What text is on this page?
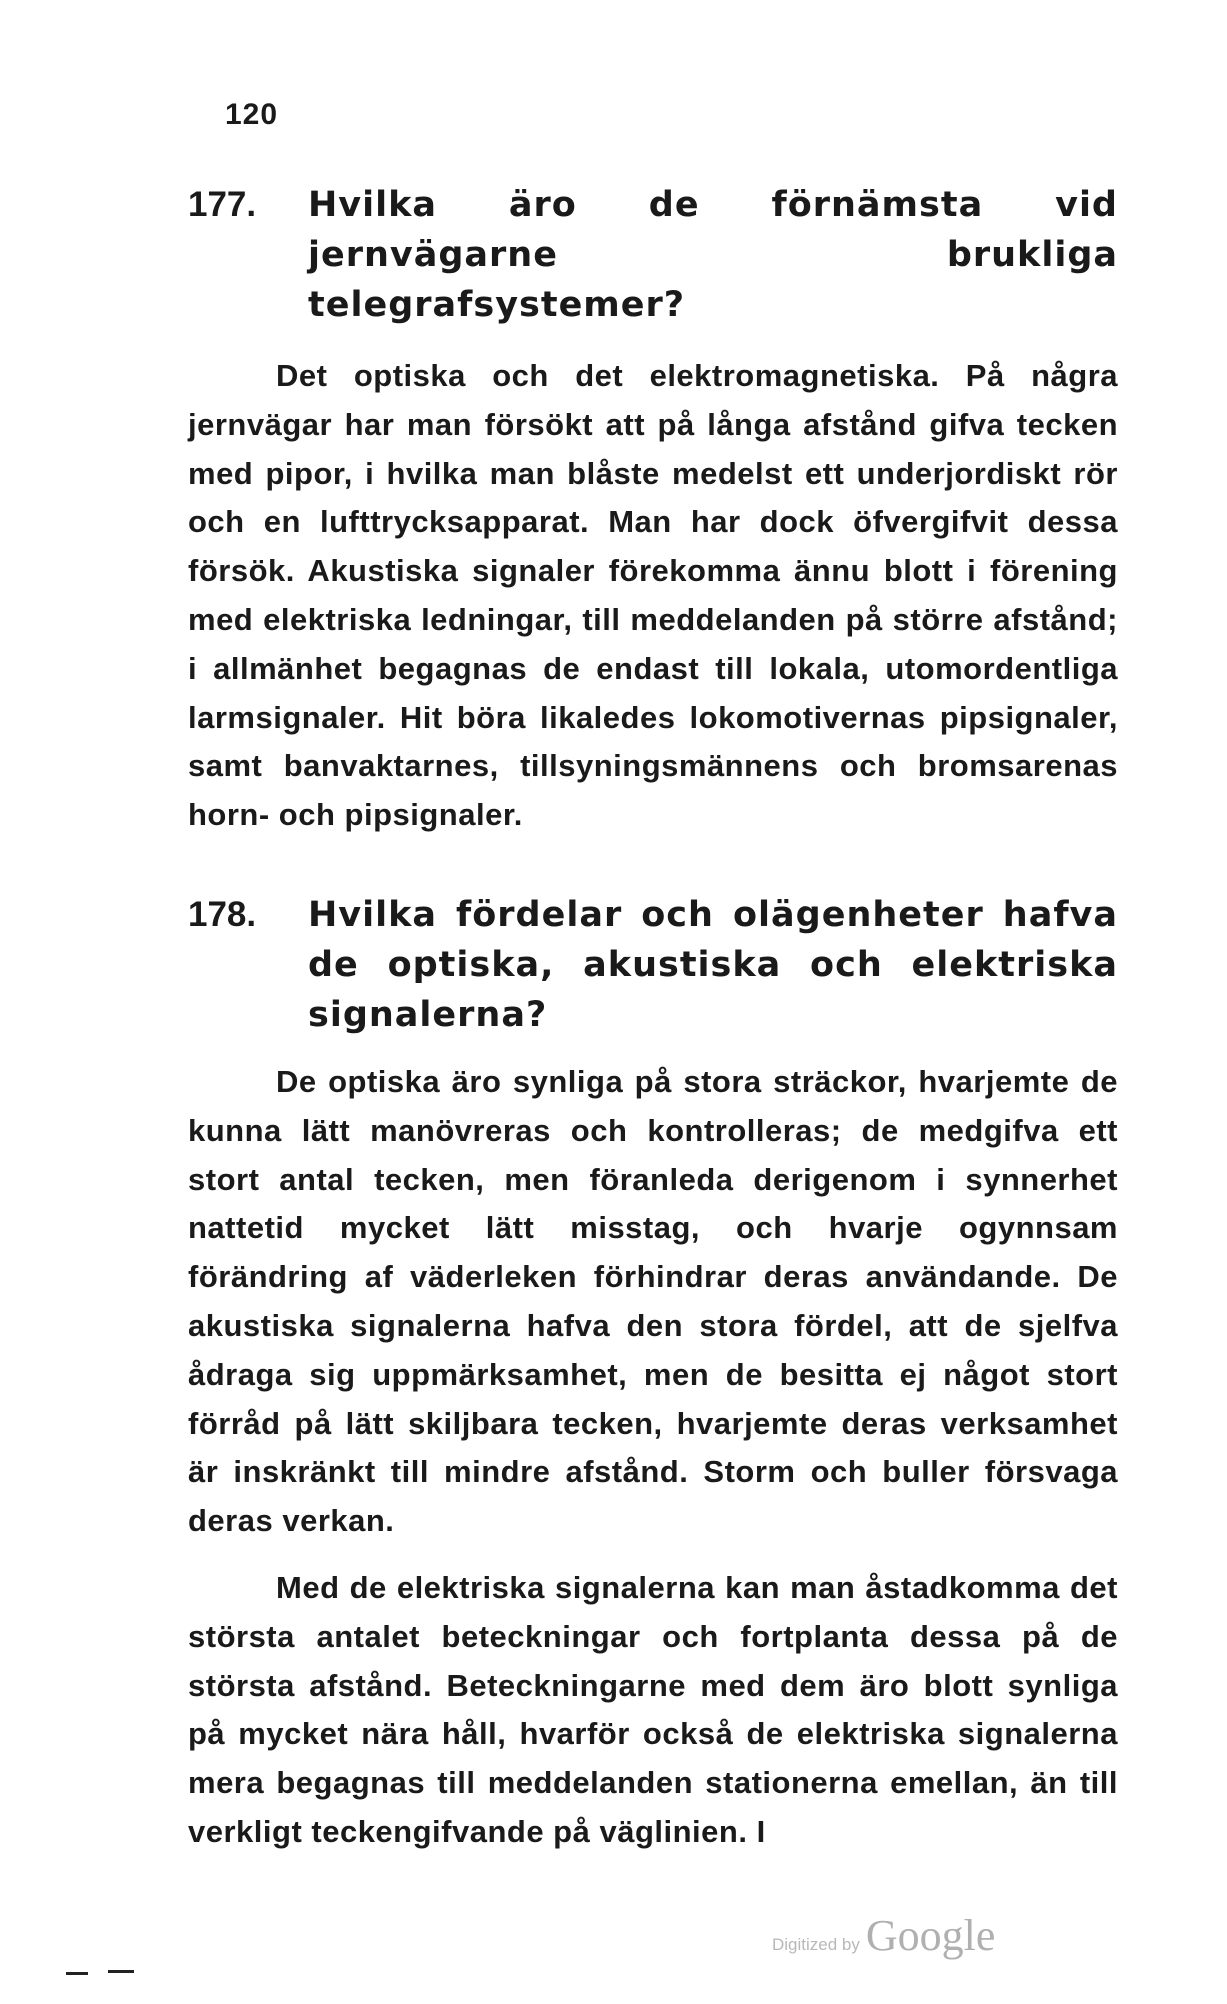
120
177.	Hvilka äro de förnämsta vid jernvägarne brukliga telegrafsystemer?

Det optiska och det elektromagnetiska. På några jernvägar har man försökt att på långa afstånd gifva tecken med pipor, i hvilka man blåste medelst ett underjordiskt rör och en lufttrycksapparat. Man har dock öfvergifvit dessa försök. Akustiska signaler förekomma ännu blott i förening med elektriska ledningar, till meddelanden på större afstånd; i allmänhet begagnas de endast till lokala, utomordentliga larmsignaler. Hit böra likaledes lokomotivernas pipsignaler, samt banvaktarnes, tillsyningsmännens och bromsarenas horn- och pipsignaler.

178.	Hvilka fördelar och olägenheter hafva de optiska, akustiska och elektriska signalerna?

De optiska äro synliga på stora sträckor, hvarjemte de kunna lätt manövreras och kontrolleras; de medgifva ett stort antal tecken, men föranleda derigenom i synnerhet nattetid mycket lätt misstag, och hvarje ogynnsam förändring af väderleken förhindrar deras användande. De akustiska signalerna hafva den stora fördel, att de sjelfva ådraga sig uppmärksamhet, men de besitta ej något stort förråd på lätt skiljbara tecken, hvarjemte deras verksamhet är inskränkt till mindre afstånd. Storm och buller försvaga deras verkan.

Med de elektriska signalerna kan man åstadkomma det största antalet beteckningar och fortplanta dessa på de största afstånd. Beteckningarne med dem äro blott synliga på mycket nära håll, hvarför också de elektriska signalerna mera begagnas till meddelanden stationerna emellan, än till verkligt teckengifvande på väglinien. I

Digitized by Google
